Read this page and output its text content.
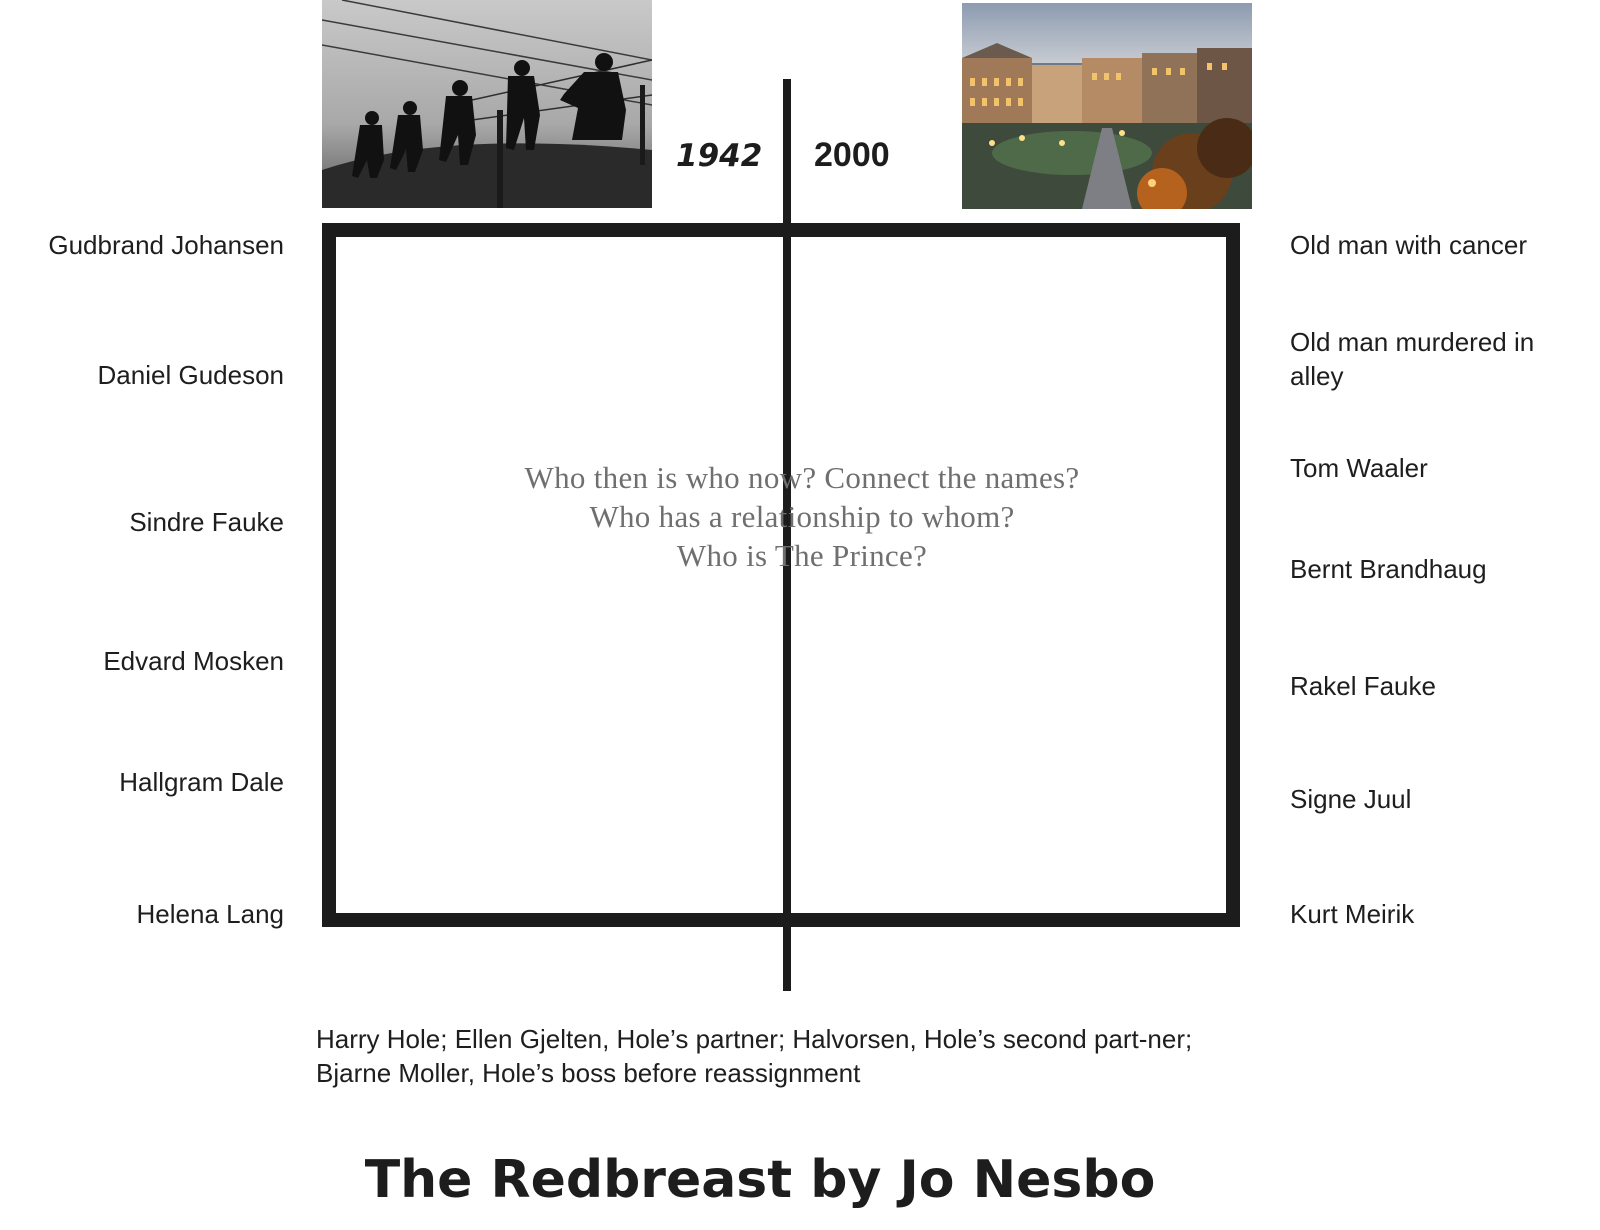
1942 2000
Who then is who now? Connect the names?
Who has a relationship to whom?
Who is The Prince?
Gudbrand Johansen
Daniel Gudeson
Sindre Fauke
Edvard Mosken
Hallgram Dale
Helena Lang
Old man with cancer
Old man murdered in alley
Tom Waaler
Bernt Brandhaug
Rakel Fauke
Signe Juul
Kurt Meirik
Harry Hole; Ellen Gjelten, Hole’s partner; Halvorsen, Hole’s second part-ner; Bjarne Moller, Hole’s boss before reassignment
The Redbreast by Jo Nesbo
